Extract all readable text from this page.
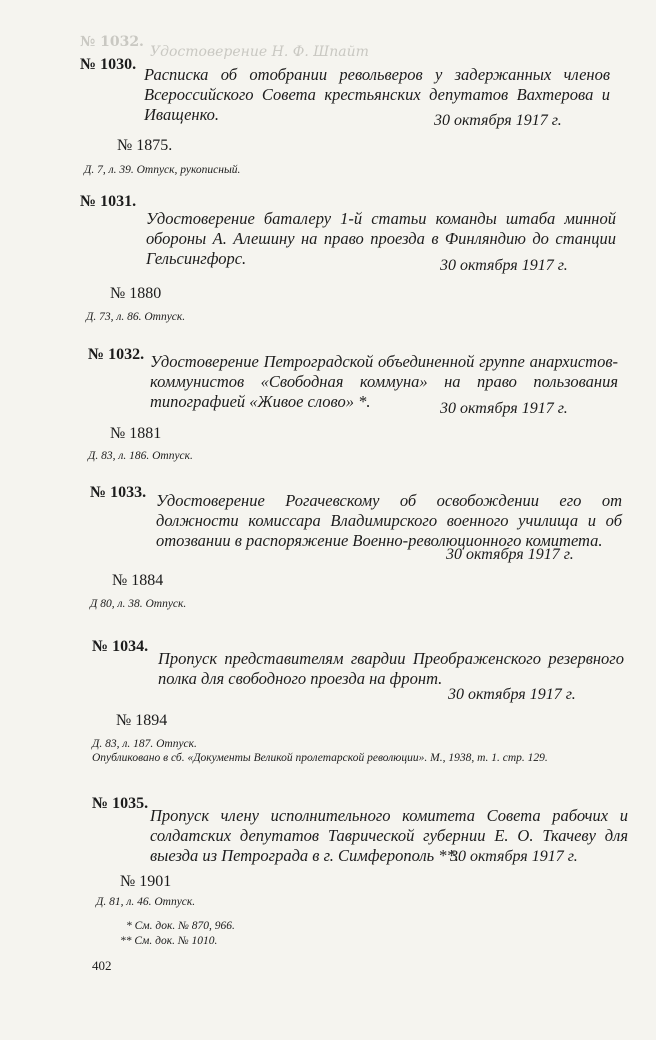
№ 1032.
Удостоверение Н. Ф. Шпайт
№ 1030.
Расписка об отобрании револьверов у задержанных членов Всероссийского Совета крестьянских депутатов Вахтерова и Иващенко.	30 октября 1917 г.
№ 1875.
Д. 7, л. 39. Отпуск, рукописный.
№ 1031.
Удостоверение баталеру 1-й статьи команды штаба минной обороны А. Алешину на право проезда в Финляндию до станции Гельсингфорс.	30 октября 1917 г.
№ 1880
Д. 73, л. 86. Отпуск.
№ 1032. Удостоверение Петроградской объединенной группе анархистов-коммунистов «Свободная коммуна» на право пользования типографией «Живое слово» *.	30 октября 1917 г.
№ 1881
Д. 83, л. 186. Отпуск.
№ 1033. Удостоверение Рогачевскому об освобождении его от должности комиссара Владимирского военного училища и об отозвании в распоряжение Военно-революционного комитета.
30 октября 1917 г.
№ 1884
Д 80, л. 38. Отпуск.
№ 1034.
Пропуск представителям гвардии Преображенского резервного полка для свободного проезда на фронт.
30 октября 1917 г.
№ 1894
Д. 83, л. 187. Отпуск.
Опубликовано в сб. «Документы Великой пролетарской революции». М., 1938, т. 1. стр. 129.
№ 1035.
Пропуск члену исполнительного комитета Совета рабочих и солдатских депутатов Таврической губернии Е. О. Ткачеву для выезда из Петрограда в г. Симферополь **.
30 октября 1917 г.
№ 1901
Д. 81, л. 46. Отпуск.
* См. док. № 870, 966.
** См. док. № 1010.
402
